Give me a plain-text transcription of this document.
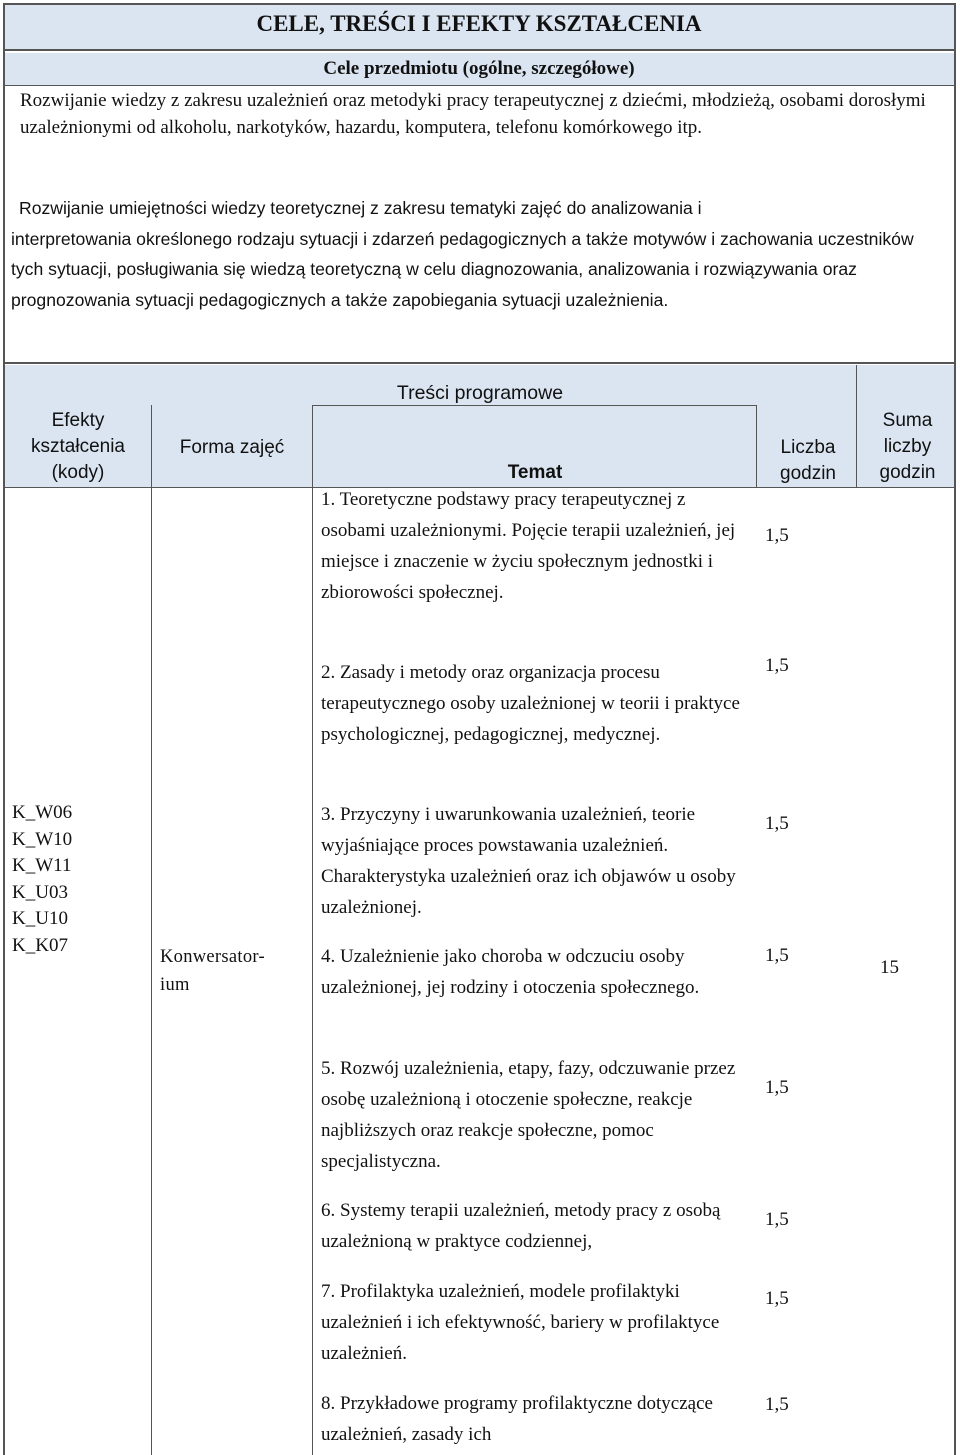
CELE, TREŚCI I EFEKTY KSZTAŁCENIA
Cele przedmiotu (ogólne, szczegółowe)
Rozwijanie wiedzy z zakresu uzależnień oraz metodyki pracy terapeutycznej z dziećmi, młodzieżą, osobami dorosłymi uzależnionymi od alkoholu, narkotyków, hazardu, komputera, telefonu komórkowego itp.
Rozwijanie umiejętności wiedzy teoretycznej z zakresu tematyki zajęć do analizowania i
interpretowania określonego rodzaju sytuacji i zdarzeń pedagogicznych a także motywów i zachowania uczestników tych sytuacji, posługiwania się wiedzą teoretyczną w celu diagnozowania, analizowania i rozwiązywania oraz prognozowania sytuacji pedagogicznych a także zapobiegania sytuacji uzależnienia.
Treści programowe
Efekty kształcenia (kody)
Forma zajęć
Temat
Liczba godzin
Suma liczby godzin
K_W06
K_W10
K_W11
K_U03
K_U10
K_K07
Konwersator-
ium
1. Teoretyczne podstawy pracy terapeutycznej z osobami uzależnionymi. Pojęcie terapii uzależnień, jej miejsce i znaczenie w życiu społecznym jednostki i zbiorowości społecznej.
1,5
2. Zasady i metody oraz organizacja procesu terapeutycznego osoby uzależnionej w teorii i praktyce psychologicznej, pedagogicznej, medycznej.
1,5
3. Przyczyny i uwarunkowania uzależnień, teorie wyjaśniające proces powstawania uzależnień. Charakterystyka uzależnień oraz ich objawów u osoby uzależnionej.
1,5
4. Uzależnienie jako choroba w odczuciu osoby uzależnionej, jej rodziny i otoczenia społecznego.
1,5
5. Rozwój uzależnienia, etapy, fazy, odczuwanie przez osobę uzależnioną i otoczenie społeczne, reakcje najbliższych oraz reakcje społeczne, pomoc specjalistyczna.
1,5
6. Systemy terapii uzależnień, metody pracy z osobą uzależnioną w praktyce codziennej,
1,5
7. Profilaktyka uzależnień, modele profilaktyki uzależnień i ich efektywność, bariery w profilaktyce uzależnień.
1,5
8. Przykładowe programy profilaktyczne dotyczące uzależnień, zasady ich
1,5
15
